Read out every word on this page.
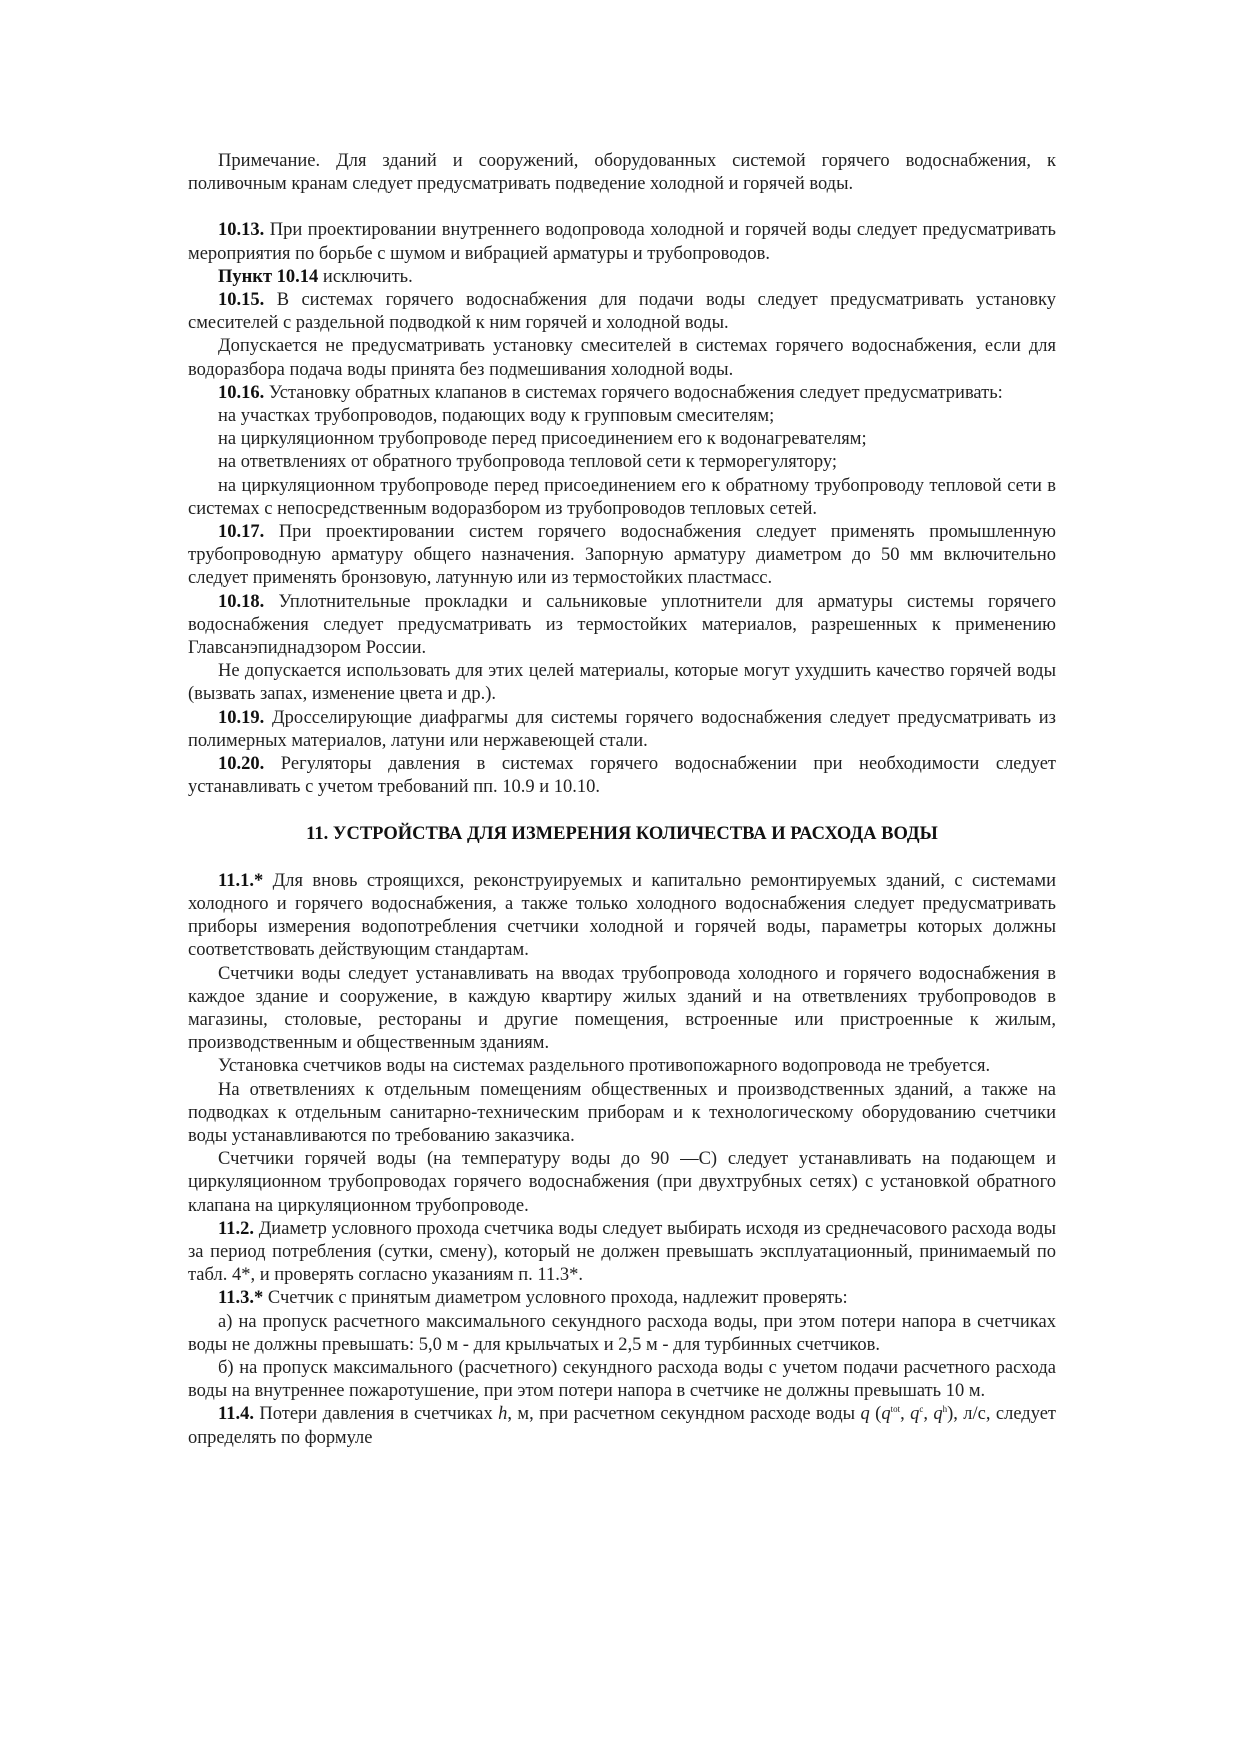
Примечание. Для зданий и сооружений, оборудованных системой горячего водоснабжения, к поливочным кранам следует предусматривать подведение холодной и горячей воды.

10.13. При проектировании внутреннего водопровода холодной и горячей воды следует предусматривать мероприятия по борьбе с шумом и вибрацией арматуры и трубопроводов.

Пункт 10.14 исключить.

10.15. В системах горячего водоснабжения для подачи воды следует предусматривать установку смесителей с раздельной подводкой к ним горячей и холодной воды.

Допускается не предусматривать установку смесителей в системах горячего водоснабжения, если для водоразбора подача воды принята без подмешивания холодной воды.

10.16. Установку обратных клапанов в системах горячего водоснабжения следует предусматривать:

на участках трубопроводов, подающих воду к групповым смесителям;

на циркуляционном трубопроводе перед присоединением его к водонагревателям;

на ответвлениях от обратного трубопровода тепловой сети к терморегулятору;

на циркуляционном трубопроводе перед присоединением его к обратному трубопроводу тепловой сети в системах с непосредственным водоразбором из трубопроводов тепловых сетей.

10.17. При проектировании систем горячего водоснабжения следует применять промышленную трубопроводную арматуру общего назначения. Запорную арматуру диаметром до 50 мм включительно следует применять бронзовую, латунную или из термостойких пластмасс.

10.18. Уплотнительные прокладки и сальниковые уплотнители для арматуры системы горячего водоснабжения следует предусматривать из термостойких материалов, разрешенных к применению Главсанэпиднадзором России.

Не допускается использовать для этих целей материалы, которые могут ухудшить качество горячей воды (вызвать запах, изменение цвета и др.).

10.19. Дросселирующие диафрагмы для системы горячего водоснабжения следует предусматривать из полимерных материалов, латуни или нержавеющей стали.

10.20. Регуляторы давления в системах горячего водоснабжении при необходимости следует устанавливать с учетом требований пп. 10.9 и 10.10.

11. УСТРОЙСТВА ДЛЯ ИЗМЕРЕНИЯ КОЛИЧЕСТВА И РАСХОДА ВОДЫ

11.1.* Для вновь строящихся, реконструируемых и капитально ремонтируемых зданий, с системами холодного и горячего водоснабжения, а также только холодного водоснабжения следует предусматривать приборы измерения водопотребления счетчики холодной и горячей воды, параметры которых должны соответствовать действующим стандартам.

Счетчики воды следует устанавливать на вводах трубопровода холодного и горячего водоснабжения в каждое здание и сооружение, в каждую квартиру жилых зданий и на ответвлениях трубопроводов в магазины, столовые, рестораны и другие помещения, встроенные или пристроенные к жилым, производственным и общественным зданиям.

Установка счетчиков воды на системах раздельного противопожарного водопровода не требуется.

На ответвлениях к отдельным помещениям общественных и производственных зданий, а также на подводках к отдельным санитарно-техническим приборам и к технологическому оборудованию счетчики воды устанавливаются по требованию заказчика.

Счетчики горячей воды (на температуру воды до 90 —С) следует устанавливать на подающем и циркуляционном трубопроводах горячего водоснабжения (при двухтрубных сетях) с установкой обратного клапана на циркуляционном трубопроводе.

11.2. Диаметр условного прохода счетчика воды следует выбирать исходя из среднечасового расхода воды за период потребления (сутки, смену), который не должен превышать эксплуатационный, принимаемый по табл. 4*, и проверять согласно указаниям п. 11.3*.

11.3.* Счетчик с принятым диаметром условного прохода, надлежит проверять:

а) на пропуск расчетного максимального секундного расхода воды, при этом потери напора в счетчиках воды не должны превышать: 5,0 м - для крыльчатых и 2,5 м - для турбинных счетчиков.

б) на пропуск максимального (расчетного) секундного расхода воды с учетом подачи расчетного расхода воды на внутреннее пожаротушение, при этом потери напора в счетчике не должны превышать 10 м.

11.4. Потери давления в счетчиках h, м, при расчетном секундном расходе воды q ($q^{tot}$, $q^c$, $q^h$), л/с, следует определять по формуле
